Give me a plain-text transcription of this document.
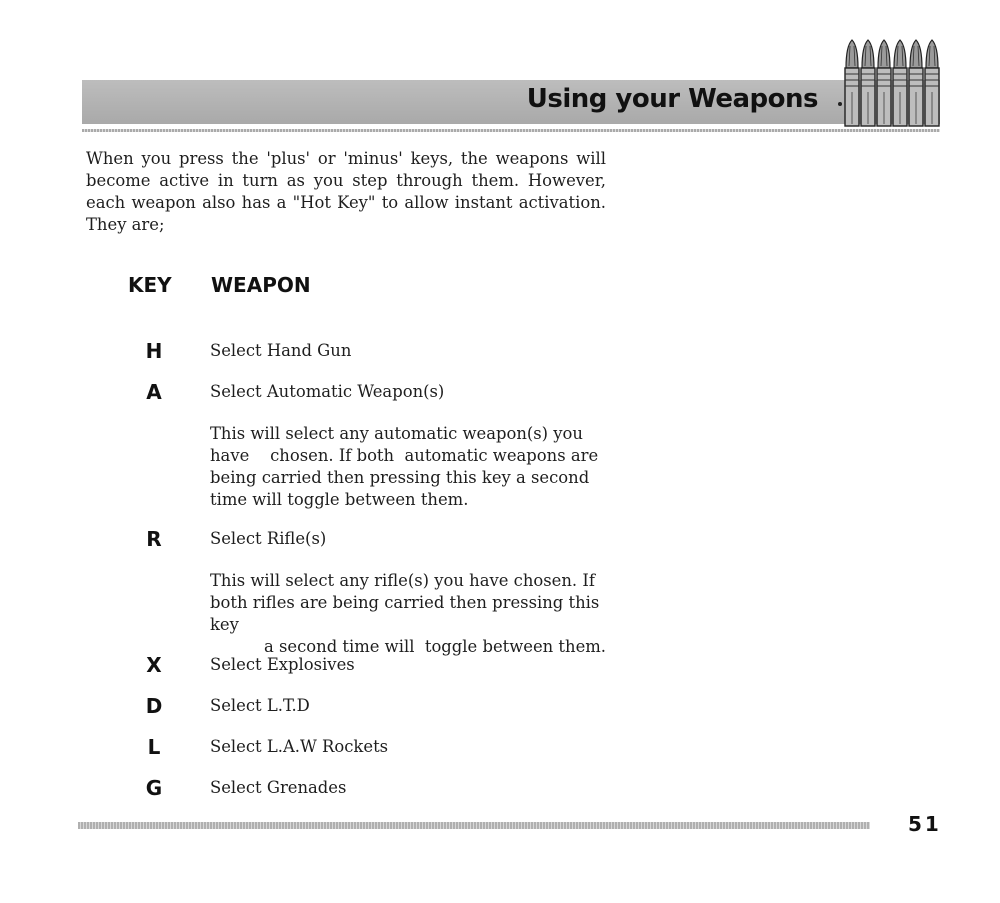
Using your Weapons

When you press the 'plus' or 'minus' keys, the weapons will become active in turn as you step through them. However, each weapon also has a "Hot Key" to allow instant activation. They are;

KEY WEAPON
H	Select Hand Gun
A	Select Automatic Weapon(s)

This will select any automatic weapon(s) you
have    chosen. If both  automatic weapons are
being carried then pressing this key a second
time will toggle between them.

R	Select Rifle(s)

This will select any rifle(s) you have chosen. If
both rifles are being carried then pressing this key
a second time will  toggle between them.

X	Select Explosives
D	Select L.T.D
L	Select L.A.W Rockets
G	Select Grenades
51
